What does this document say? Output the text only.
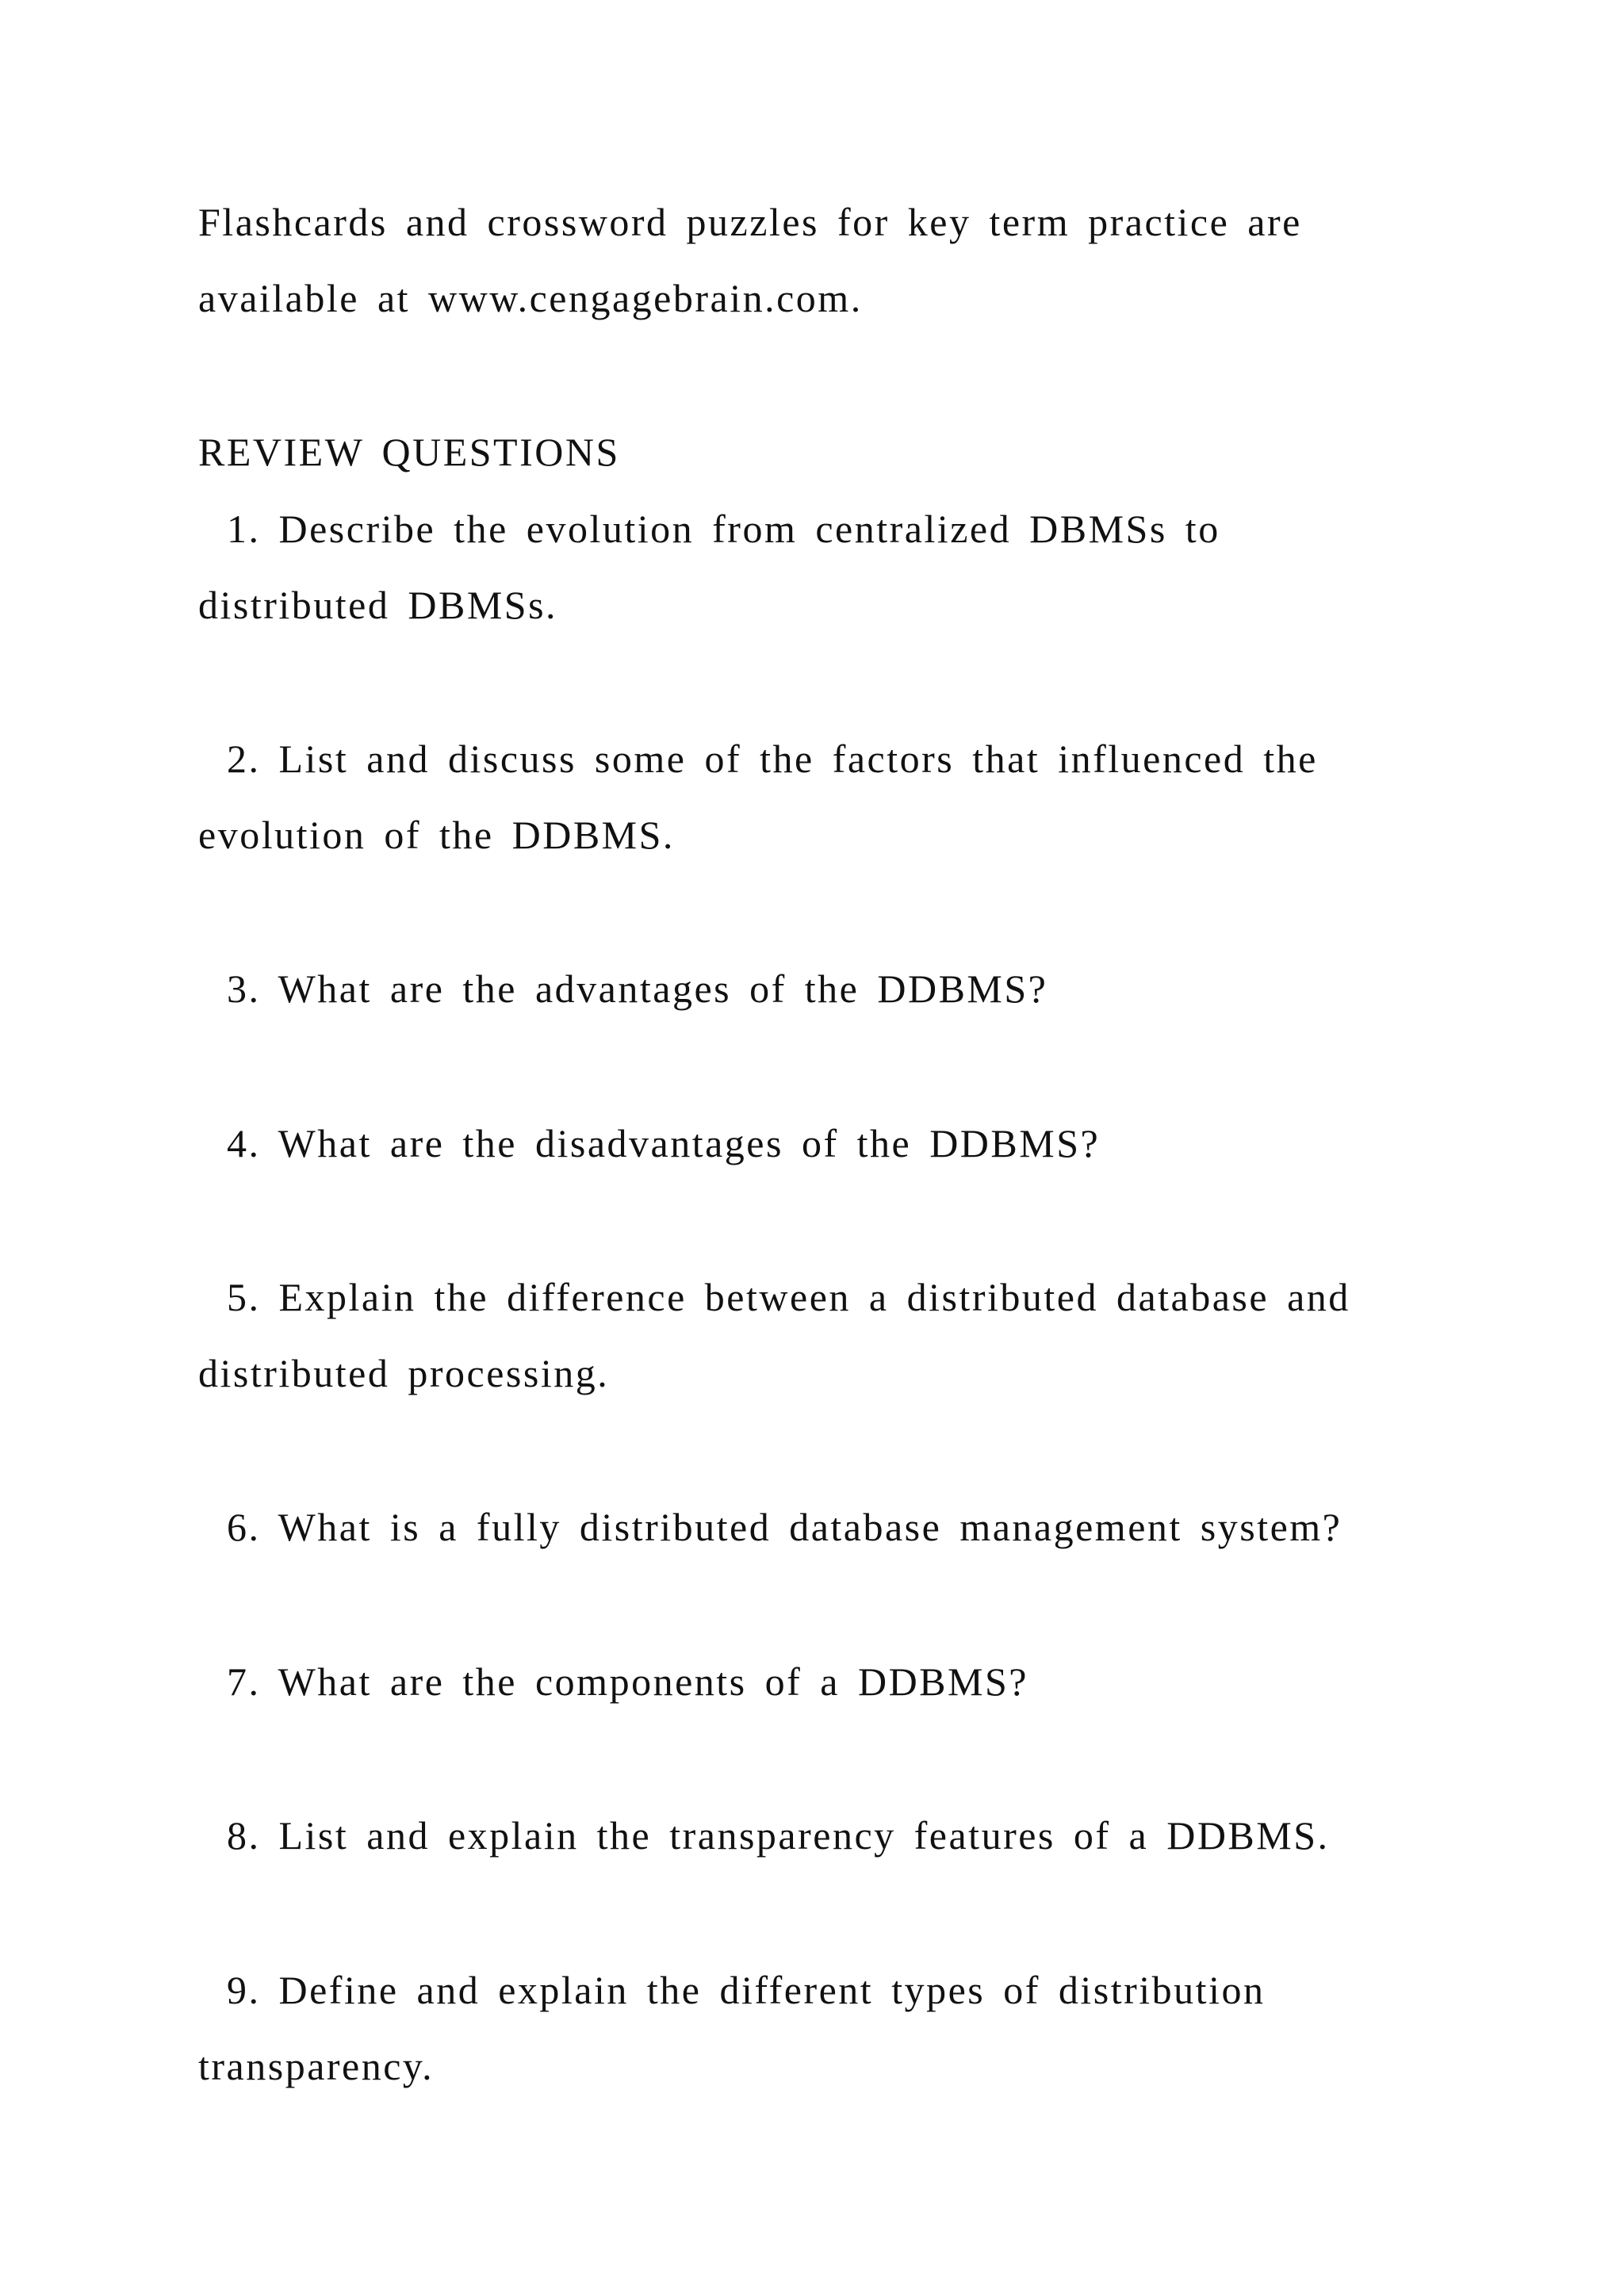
Flashcards and crossword puzzles for key term practice are
available at www.cengagebrain.com.
REVIEW QUESTIONS
1. Describe the evolution from centralized DBMSs to
distributed DBMSs.
2. List and discuss some of the factors that influenced the
evolution of the DDBMS.
3. What are the advantages of the DDBMS?
4. What are the disadvantages of the DDBMS?
5. Explain the difference between a distributed database and
distributed processing.
6. What is a fully distributed database management system?
7. What are the components of a DDBMS?
8. List and explain the transparency features of a DDBMS.
9. Define and explain the different types of distribution
transparency.
